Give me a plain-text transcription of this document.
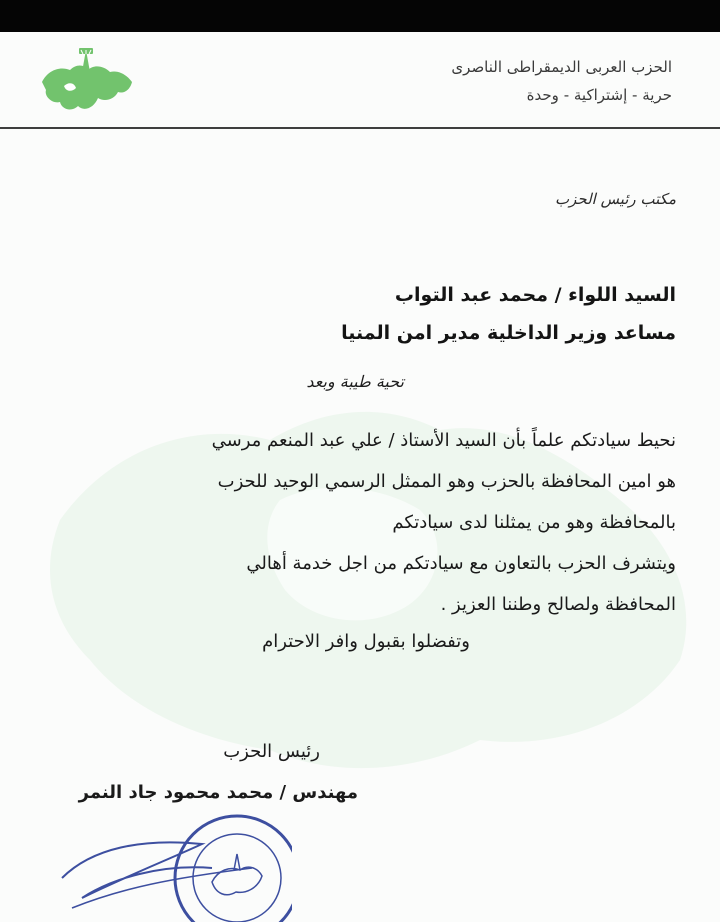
الحزب العربى الديمقراطى الناصرى
حرية - إشتراكية - وحدة
مكتب رئيس الحزب
السيد اللواء / محمد عبد التواب
مساعد وزير الداخلية مدير امن المنيا
تحية طيبة وبعد
نحيط سيادتكم علماً بأن السيد الأستاذ / علي عبد المنعم مرسي
هو امين المحافظة بالحزب وهو الممثل الرسمي الوحيد للحزب
بالمحافظة وهو من يمثلنا لدى سيادتكم
ويتشرف الحزب بالتعاون مع سيادتكم من اجل خدمة أهالي
المحافظة ولصالح وطننا العزيز .
وتفضلوا بقبول وافر الاحترام
رئيس الحزب
مهندس / محمد محمود جاد النمر
